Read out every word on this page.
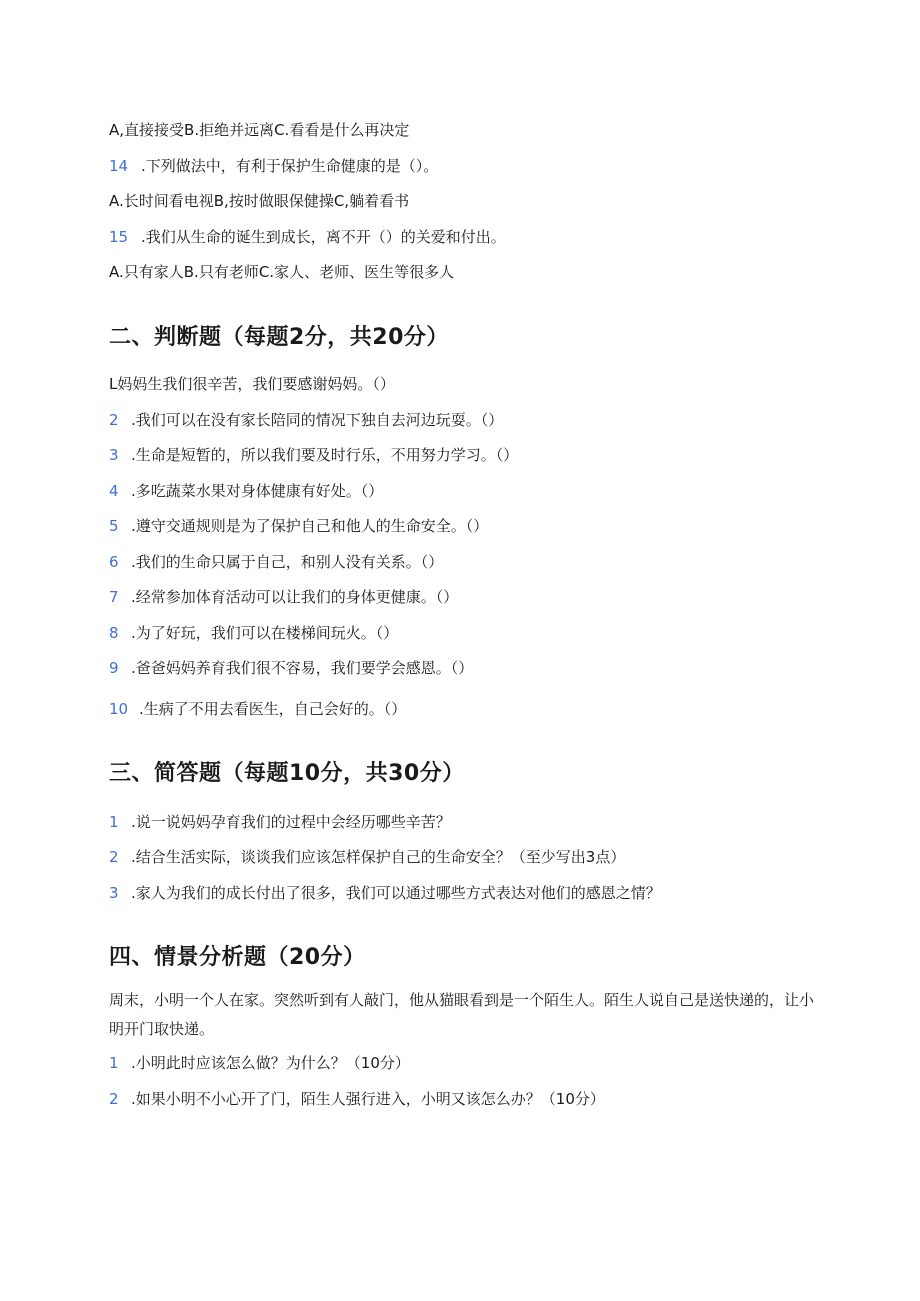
A,直接接受B.拒绝并远离C.看看是什么再决定
14 .下列做法中，有利于保护生命健康的是（）。
A.长时间看电视B,按时做眼保健操C,躺着看书
15 .我们从生命的诞生到成长，离不开（）的关爱和付出。
A.只有家人B.只有老师C.家人、老师、医生等很多人
二、判断题（每题2分，共20分）
L妈妈生我们很辛苦，我们要感谢妈妈。（）
2 .我们可以在没有家长陪同的情况下独自去河边玩耍。（）
3 .生命是短暂的，所以我们要及时行乐，不用努力学习。（）
4 .多吃蔬菜水果对身体健康有好处。（）
5 .遵守交通规则是为了保护自己和他人的生命安全。（）
6 .我们的生命只属于自己，和别人没有关系。（）
7 .经常参加体育活动可以让我们的身体更健康。（）
8 .为了好玩，我们可以在楼梯间玩火。（）
9 .爸爸妈妈养育我们很不容易，我们要学会感恩。（）
10 .生病了不用去看医生，自己会好的。（）
三、简答题（每题10分，共30分）
1 .说一说妈妈孕育我们的过程中会经历哪些辛苦？
2 .结合生活实际，谈谈我们应该怎样保护自己的生命安全？（至少写出3点）
3 .家人为我们的成长付出了很多，我们可以通过哪些方式表达对他们的感恩之情？
四、情景分析题（20分）
周末，小明一个人在家。突然听到有人敲门，他从猫眼看到是一个陌生人。陌生人说自己是送快递的，让小明开门取快递。
1 .小明此时应该怎么做？为什么？（10分）
2 .如果小明不小心开了门，陌生人强行进入，小明又该怎么办？（10分）
